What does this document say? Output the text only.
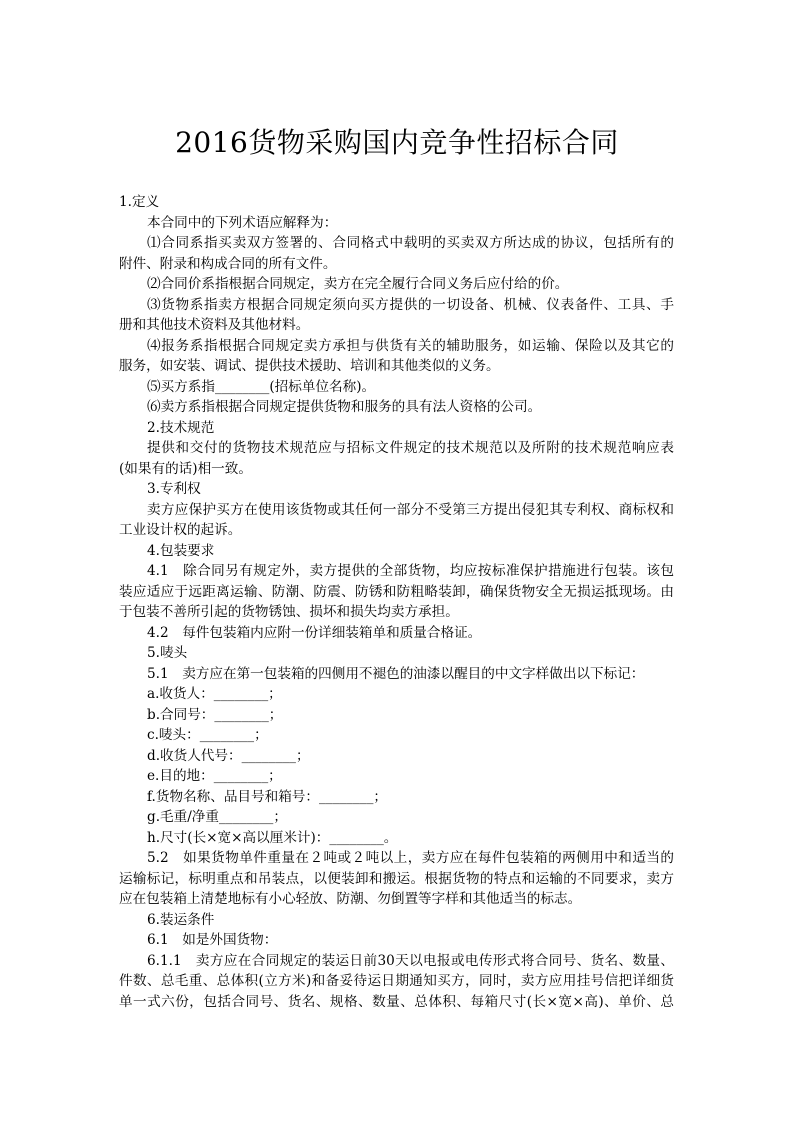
2016货物采购国内竞争性招标合同
1.定义
本合同中的下列术语应解释为：
⑴合同系指买卖双方签署的、合同格式中载明的买卖双方所达成的协议，包括所有的
附件、附录和构成合同的所有文件。
⑵合同价系指根据合同规定，卖方在完全履行合同义务后应付给的价。
⑶货物系指卖方根据合同规定须向买方提供的一切设备、机械、仪表备件、工具、手
册和其他技术资料及其他材料。
⑷报务系指根据合同规定卖方承担与供货有关的辅助服务，如运输、保险以及其它的
服务，如安装、调试、提供技术援助、培训和其他类似的义务。
⑸买方系指________(招标单位名称)。
⑹卖方系指根据合同规定提供货物和服务的具有法人资格的公司。
2.技术规范
提供和交付的货物技术规范应与招标文件规定的技术规范以及所附的技术规范响应表
(如果有的话)相一致。
3.专利权
卖方应保护买方在使用该货物或其任何一部分不受第三方提出侵犯其专利权、商标权和
工业设计权的起诉。
4.包装要求
4.1　除合同另有规定外，卖方提供的全部货物，均应按标准保护措施进行包装。该包
装应适应于远距离运输、防潮、防震、防锈和防粗略装卸，确保货物安全无损运抵现场。由
于包装不善所引起的货物锈蚀、损坏和损失均卖方承担。
4.2　每件包装箱内应附一份详细装箱单和质量合格证。
5.唛头
5.1　卖方应在第一包装箱的四侧用不褪色的油漆以醒目的中文字样做出以下标记：
a.收货人：________；
b.合同号：________；
c.唛头：________；
d.收货人代号：________；
e.目的地：________；
f.货物名称、品目号和箱号：________；
g.毛重/净重________；
h.尺寸(长×宽×高以厘米计)：________。
5.2　如果货物单件重量在２吨或２吨以上，卖方应在每件包装箱的两侧用中和适当的
运输标记，标明重点和吊装点，以便装卸和搬运。根据货物的特点和运输的不同要求，卖方
应在包装箱上清楚地标有小心轻放、防潮、勿倒置等字样和其他适当的标志。
6.装运条件
6.1　如是外国货物：
6.1.1　卖方应在合同规定的装运日前30天以电报或电传形式将合同号、货名、数量、
件数、总毛重、总体积(立方米)和备妥待运日期通知买方，同时，卖方应用挂号信把详细货
单一式六份，包括合同号、货名、规格、数量、总体积、每箱尺寸(长×宽×高)、单价、总
